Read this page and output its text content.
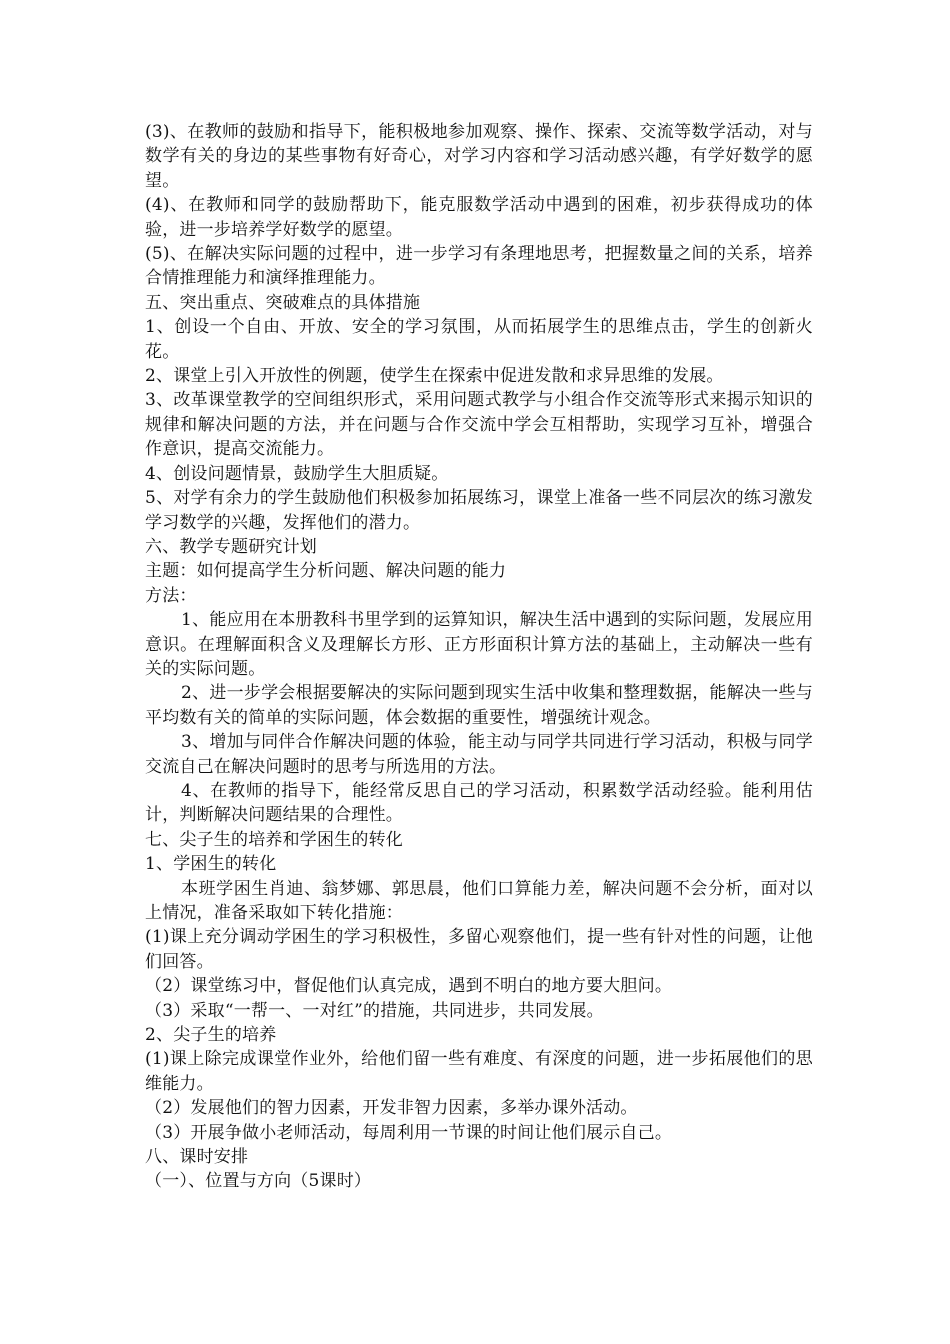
(3)、在教师的鼓励和指导下，能积极地参加观察、操作、探索、交流等数学活动，对与数学有关的身边的某些事物有好奇心，对学习内容和学习活动感兴趣，有学好数学的愿望。

(4)、在教师和同学的鼓励帮助下，能克服数学活动中遇到的困难，初步获得成功的体验，进一步培养学好数学的愿望。

(5)、在解决实际问题的过程中，进一步学习有条理地思考，把握数量之间的关系，培养合情推理能力和演绎推理能力。

五、突出重点、突破难点的具体措施

1、创设一个自由、开放、安全的学习氛围，从而拓展学生的思维点击，学生的创新火花。

2、课堂上引入开放性的例题，使学生在探索中促进发散和求异思维的发展。

3、改革课堂教学的空间组织形式，采用问题式教学与小组合作交流等形式来揭示知识的规律和解决问题的方法，并在问题与合作交流中学会互相帮助，实现学习互补，增强合作意识，提高交流能力。

4、创设问题情景，鼓励学生大胆质疑。

5、对学有余力的学生鼓励他们积极参加拓展练习，课堂上准备一些不同层次的练习激发学习数学的兴趣，发挥他们的潜力。

六、教学专题研究计划

主题：如何提高学生分析问题、解决问题的能力

方法：

1、能应用在本册教科书里学到的运算知识，解决生活中遇到的实际问题，发展应用意识。在理解面积含义及理解长方形、正方形面积计算方法的基础上，主动解决一些有关的实际问题。

2、进一步学会根据要解决的实际问题到现实生活中收集和整理数据，能解决一些与平均数有关的简单的实际问题，体会数据的重要性，增强统计观念。

3、增加与同伴合作解决问题的体验，能主动与同学共同进行学习活动，积极与同学交流自己在解决问题时的思考与所选用的方法。

4、在教师的指导下，能经常反思自己的学习活动，积累数学活动经验。能利用估计，判断解决问题结果的合理性。

七、尖子生的培养和学困生的转化

1、学困生的转化

本班学困生肖迪、翁梦娜、郭思晨，他们口算能力差，解决问题不会分析，面对以上情况，准备采取如下转化措施：

(1)课上充分调动学困生的学习积极性，多留心观察他们，提一些有针对性的问题，让他们回答。

（2）课堂练习中，督促他们认真完成，遇到不明白的地方要大胆问。

（3）采取“一帮一、一对红”的措施，共同进步，共同发展。

2、尖子生的培养

(1)课上除完成课堂作业外，给他们留一些有难度、有深度的问题，进一步拓展他们的思维能力。

（2）发展他们的智力因素，开发非智力因素，多举办课外活动。

（3）开展争做小老师活动，每周利用一节课的时间让他们展示自己。

八、课时安排

（一）、位置与方向（5课时）
